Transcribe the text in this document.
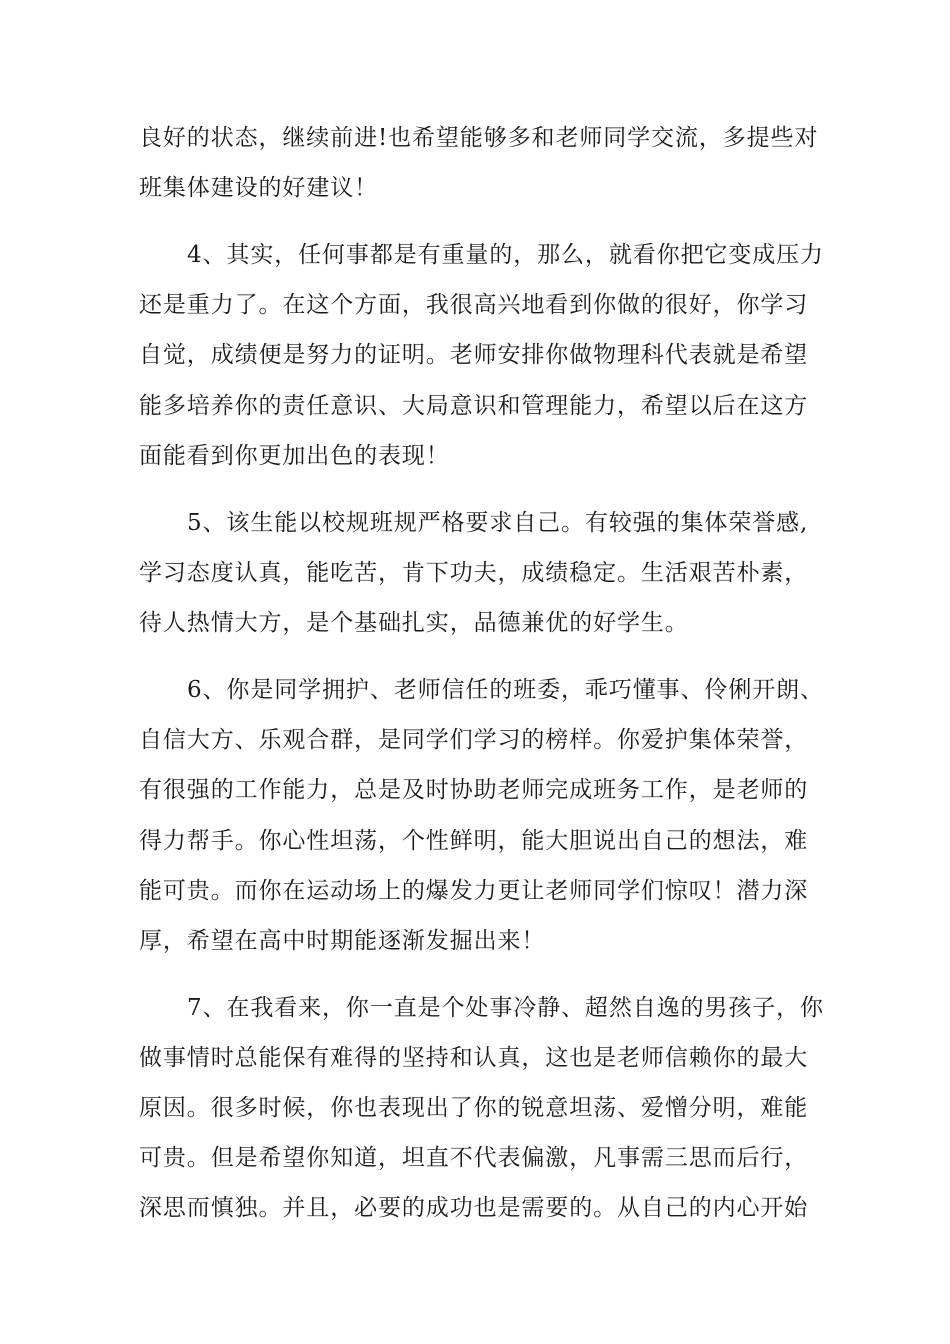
良好的状态，继续前进!也希望能够多和老师同学交流，多提些对
班集体建设的好建议！
4、其实，任何事都是有重量的，那么，就看你把它变成压力
还是重力了。在这个方面，我很高兴地看到你做的很好，你学习
自觉，成绩便是努力的证明。老师安排你做物理科代表就是希望
能多培养你的责任意识、大局意识和管理能力，希望以后在这方
面能看到你更加出色的表现！
5、该生能以校规班规严格要求自己。有较强的集体荣誉感,
学习态度认真，能吃苦，肯下功夫，成绩稳定。生活艰苦朴素，
待人热情大方，是个基础扎实，品德兼优的好学生。
6、你是同学拥护、老师信任的班委，乖巧懂事、伶俐开朗、
自信大方、乐观合群，是同学们学习的榜样。你爱护集体荣誉，
有很强的工作能力，总是及时协助老师完成班务工作，是老师的
得力帮手。你心性坦荡，个性鲜明，能大胆说出自己的想法，难
能可贵。而你在运动场上的爆发力更让老师同学们惊叹！潜力深
厚，希望在高中时期能逐渐发掘出来！
7、在我看来，你一直是个处事冷静、超然自逸的男孩子，你
做事情时总能保有难得的坚持和认真，这也是老师信赖你的最大
原因。很多时候，你也表现出了你的锐意坦荡、爱憎分明，难能
可贵。但是希望你知道，坦直不代表偏激，凡事需三思而后行，
深思而慎独。并且，必要的成功也是需要的。从自己的内心开始
